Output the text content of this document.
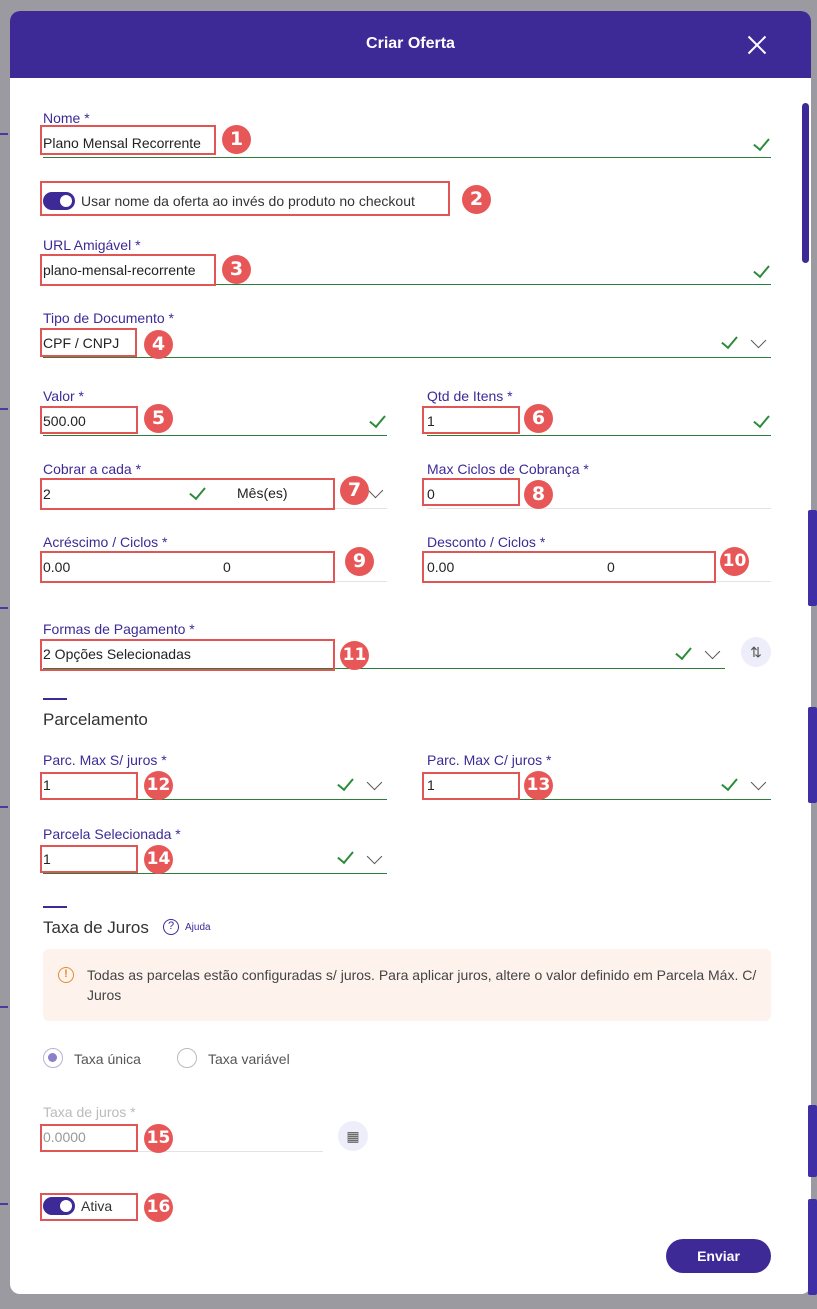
Criar Oferta
Nome *
Plano Mensal Recorrente	1
Usar nome da oferta ao invés do produto no checkout	2
URL Amigável *
plano-mensal-recorrente	3
Tipo de Documento *
CPF / CNPJ	4
Valor *
500.00	5
Qtd de Itens *
1	6
Cobrar a cada *
2	Mês(es)	7
Max Ciclos de Cobrança *
0	8
Acréscimo / Ciclos *
0.00	0	9
Desconto / Ciclos *
0.00	0	10
Formas de Pagamento *
2 Opções Selecionadas	⇅
11
Parcelamento
Parc. Max S/ juros *
1	12
Parc. Max C/ juros *
1	13
Parcela Selecionada *
1	14
Taxa de Juros	?	Ajuda
!	Todas as parcelas estão configuradas s/ juros. Para aplicar juros, altere o valor definido em Parcela Máx. C/ Juros
Taxa única	Taxa variável
Taxa de juros *
0.0000	▦
15
Ativa 16
Enviar
